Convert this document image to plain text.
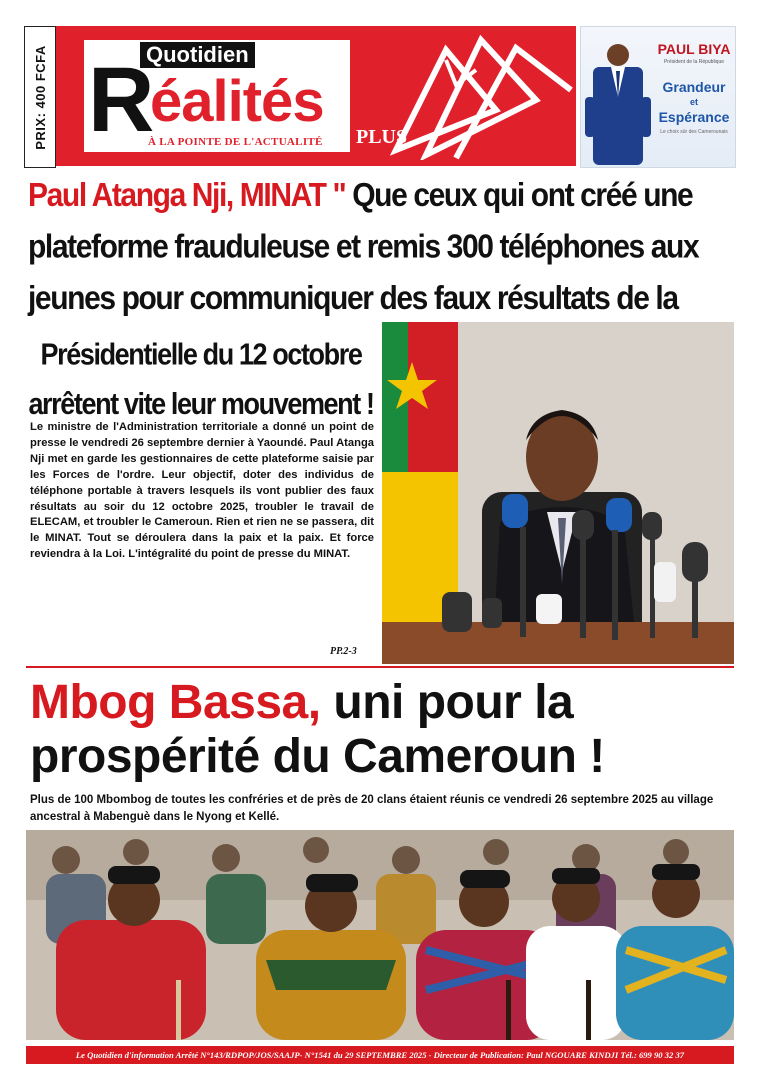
PRIX: 400 FCFA	Quotidien
R
éalités
À LA POINTE DE L'ACTUALITÉ PLUS
PAUL BIYA
Président de la République
Grandeur
et
Espérance
Le choix sûr des Camerounais
Paul Atanga Nji, MINAT " Que ceux qui ont créé une plateforme frauduleuse et remis 300 téléphones aux jeunes pour communiquer des faux résultats de la
Présidentielle du 12 octobre arrêtent vite leur mouvement !
Le ministre de l'Administration territoriale a donné un point de presse le vendredi 26 septembre dernier à Yaoundé. Paul Atanga Nji met en garde les gestionnaires de cette plateforme saisie par les Forces de l'ordre. Leur objectif, doter des individus de téléphone portable à travers lesquels ils vont publier des faux résultats au soir du 12 octobre 2025, troubler le travail de ELECAM, et troubler le Cameroun. Rien et rien ne se passera, dit le MINAT. Tout se déroulera dans la paix et la paix. Et force reviendra à la Loi. L'intégralité du point de presse du MINAT.
PP.2-3
Mbog Bassa, uni pour la prospérité du Cameroun !
Plus de 100 Mbombog de toutes les confréries et de près de 20 clans étaient réunis ce vendredi 26 septembre 2025 au village ancestral à Mabenguè dans le Nyong et Kellé.
Le Quotidien d'information Arrêté N°143/RDPOP/JOS/SAAJP- N°1541 du 29 SEPTEMBRE 2025 - Directeur de Publication: Paul NGOUARE KINDJI Tél.: 699 90 32 37
